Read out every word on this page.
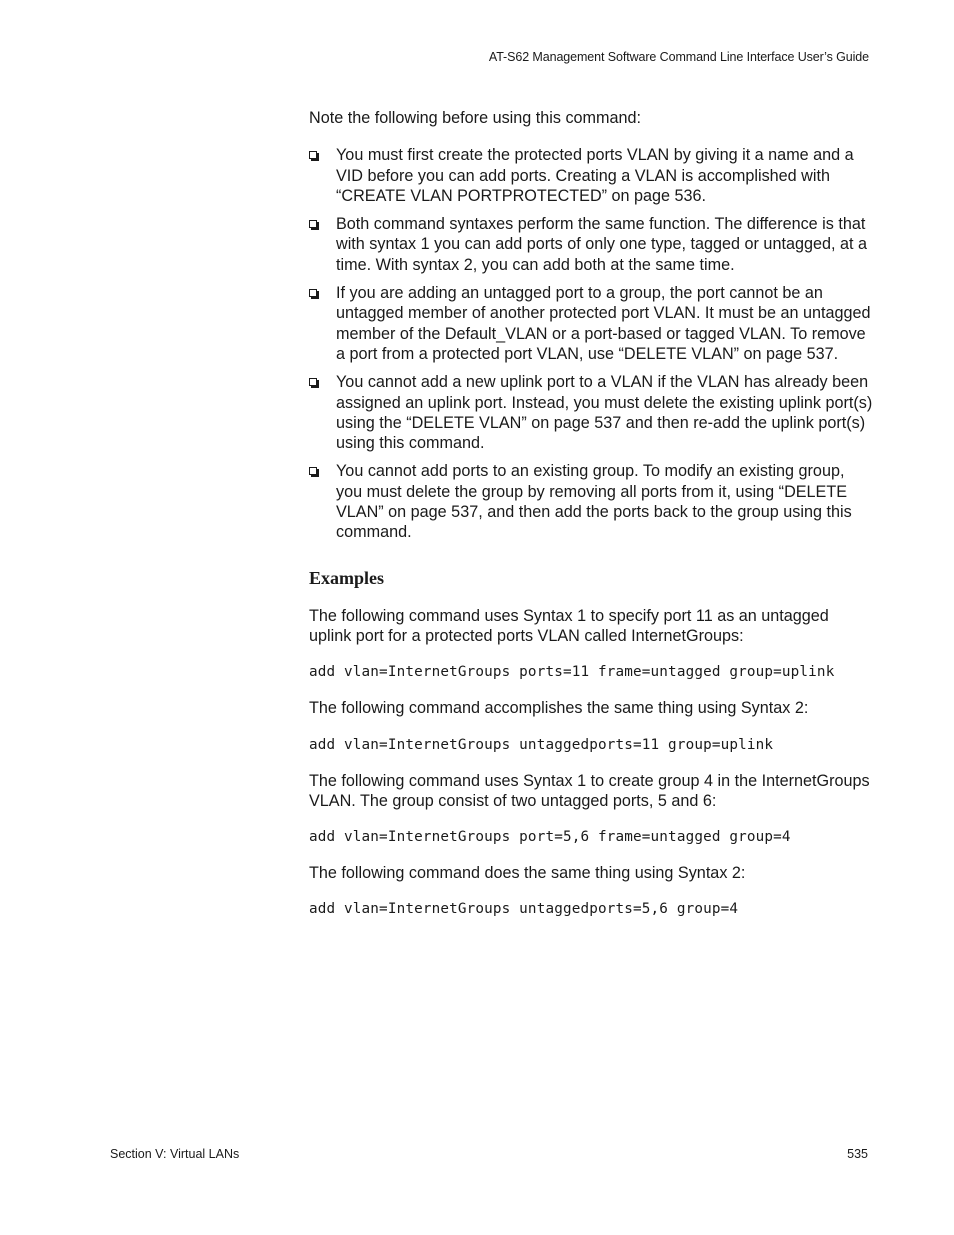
AT-S62 Management Software Command Line Interface User’s Guide

Note the following before using this command:

You must first create the protected ports VLAN by giving it a name and a VID before you can add ports. Creating a VLAN is accomplished with “CREATE VLAN PORTPROTECTED” on page 536.
Both command syntaxes perform the same function. The difference is that with syntax 1 you can add ports of only one type, tagged or untagged, at a time. With syntax 2, you can add both at the same time.
If you are adding an untagged port to a group, the port cannot be an untagged member of another protected port VLAN. It must be an untagged member of the Default_VLAN or a port-based or tagged VLAN. To remove a port from a protected port VLAN, use “DELETE VLAN” on page 537.
You cannot add a new uplink port to a VLAN if the VLAN has already been assigned an uplink port. Instead, you must delete the existing uplink port(s) using the “DELETE VLAN” on page 537 and then re-add the uplink port(s) using this command.
You cannot add ports to an existing group. To modify an existing group, you must delete the group by removing all ports from it, using “DELETE VLAN” on page 537, and then add the ports back to the group using this command.
Examples

The following command uses Syntax 1 to specify port 11 as an untagged uplink port for a protected ports VLAN called InternetGroups:

add vlan=InternetGroups ports=11 frame=untagged group=uplink

The following command accomplishes the same thing using Syntax 2:

add vlan=InternetGroups untaggedports=11 group=uplink

The following command uses Syntax 1 to create group 4 in the InternetGroups VLAN. The group consist of two untagged ports, 5 and 6:

add vlan=InternetGroups port=5,6 frame=untagged group=4

The following command does the same thing using Syntax 2:

add vlan=InternetGroups untaggedports=5,6 group=4
Section V: Virtual LANs	535
